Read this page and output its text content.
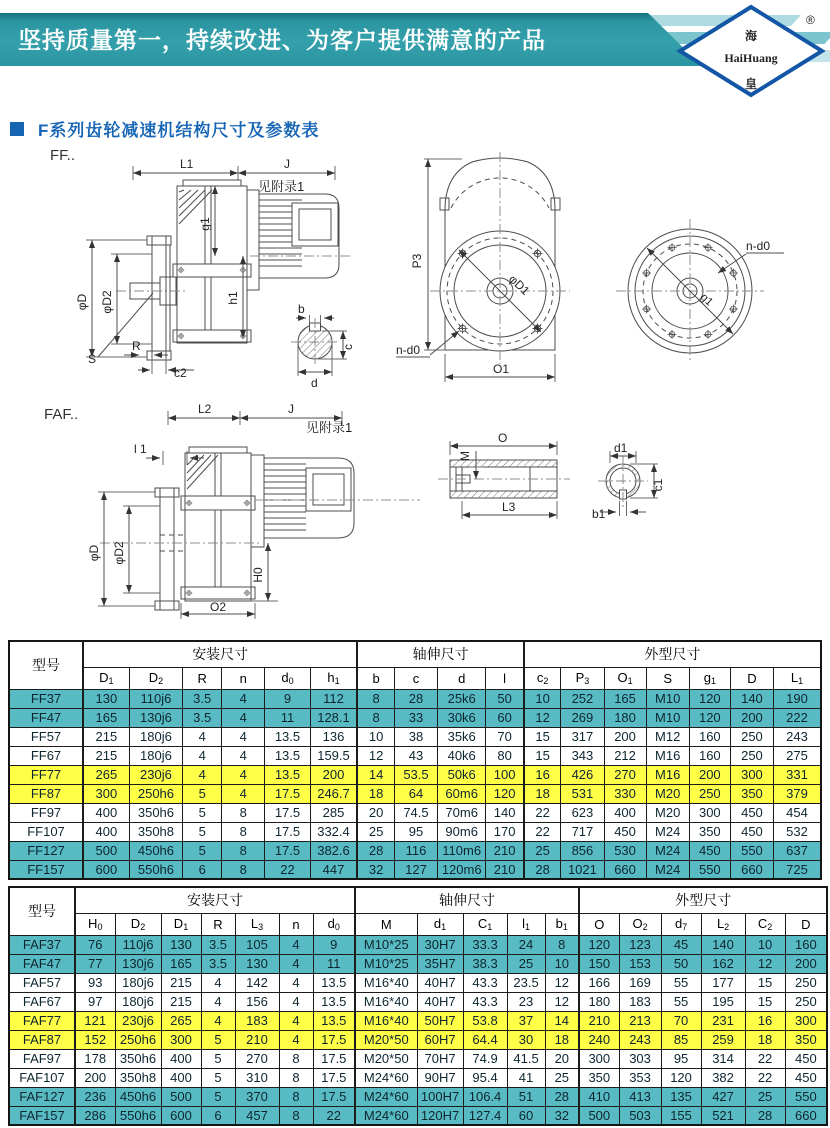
坚持质量第一，持续改进、为客户提供满意的产品	海
HaiHuang
皇
®
F系列齿轮减速机结构尺寸及参数表
FF..	L1	J
见附录1
g1
h1
φD φD2
S
R
c2
b
c
d
P3
φD1
n-d0
O1
g1
n-d0
FAF..	L2	J
见附录1
l 1
φD φD2
H0
O2
O
M
L3
d1
c1
b1
型号	安装尺寸						轴伸尺寸				外型尺寸						
	$D_1$	$D_2$	R	n	$d_0$	$h_1$	b	c	d	l	$c_2$	$P_3$	$O_1$	S	$g_1$	D	$L_1$
FF37	130	110j6	3.5	4	9	112	8	28	25k6	50	10	252	165	M10	120	140	190
FF47	165	130j6	3.5	4	11	128.1	8	33	30k6	60	12	269	180	M10	120	200	222
FF57	215	180j6	4	4	13.5	136	10	38	35k6	70	15	317	200	M12	160	250	243
FF67	215	180j6	4	4	13.5	159.5	12	43	40k6	80	15	343	212	M16	160	250	275
FF77	265	230j6	4	4	13.5	200	14	53.5	50k6	100	16	426	270	M16	200	300	331
FF87	300	250h6	5	4	17.5	246.7	18	64	60m6	120	18	531	330	M20	250	350	379
FF97	400	350h6	5	8	17.5	285	20	74.5	70m6	140	22	623	400	M20	300	450	454
FF107	400	350h8	5	8	17.5	332.4	25	95	90m6	170	22	717	450	M24	350	450	532
FF127	500	450h6	5	8	17.5	382.6	28	116	110m6	210	25	856	530	M24	450	550	637
FF157	600	550h6	6	8	22	447	32	127	120m6	210	28	1021	660	M24	550	660	725
型号	安装尺寸							轴伸尺寸					外型尺寸					
	$H_0$	$D_2$	$D_1$	R	$L_3$	n	$d_0$	M	$d_1$	$C_1$	$l_1$	$b_1$	O	$O_2$	$d_7$	$L_2$	$C_2$	D
FAF37	76	110j6	130	3.5	105	4	9	M10*25	30H7	33.3	24	8	120	123	45	140	10	160
FAF47	77	130j6	165	3.5	130	4	11	M10*25	35H7	38.3	25	10	150	153	50	162	12	200
FAF57	93	180j6	215	4	142	4	13.5	M16*40	40H7	43.3	23.5	12	166	169	55	177	15	250
FAF67	97	180j6	215	4	156	4	13.5	M16*40	40H7	43.3	23	12	180	183	55	195	15	250
FAF77	121	230j6	265	4	183	4	13.5	M16*40	50H7	53.8	37	14	210	213	70	231	16	300
FAF87	152	250h6	300	5	210	4	17.5	M20*50	60H7	64.4	30	18	240	243	85	259	18	350
FAF97	178	350h6	400	5	270	8	17.5	M20*50	70H7	74.9	41.5	20	300	303	95	314	22	450
FAF107	200	350h8	400	5	310	8	17.5	M24*60	90H7	95.4	41	25	350	353	120	382	22	450
FAF127	236	450h6	500	5	370	8	17.5	M24*60	100H7	106.4	51	28	410	413	135	427	25	550
FAF157	286	550h6	600	6	457	8	22	M24*60	120H7	127.4	60	32	500	503	155	521	28	660
